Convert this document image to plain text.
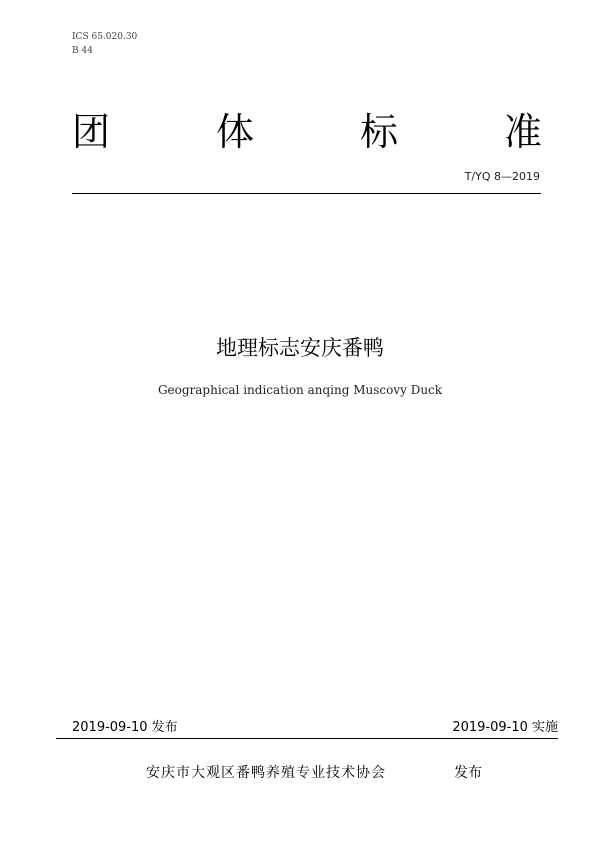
ICS 65.020.30
B 44
团	体	标	准
T/YQ 8—2019
地理标志安庆番鸭
Geographical indication anqing Muscovy Duck
2019-09-10 发布	2019-09-10 实施
安庆市大观区番鸭养殖专业技术协会	发布
